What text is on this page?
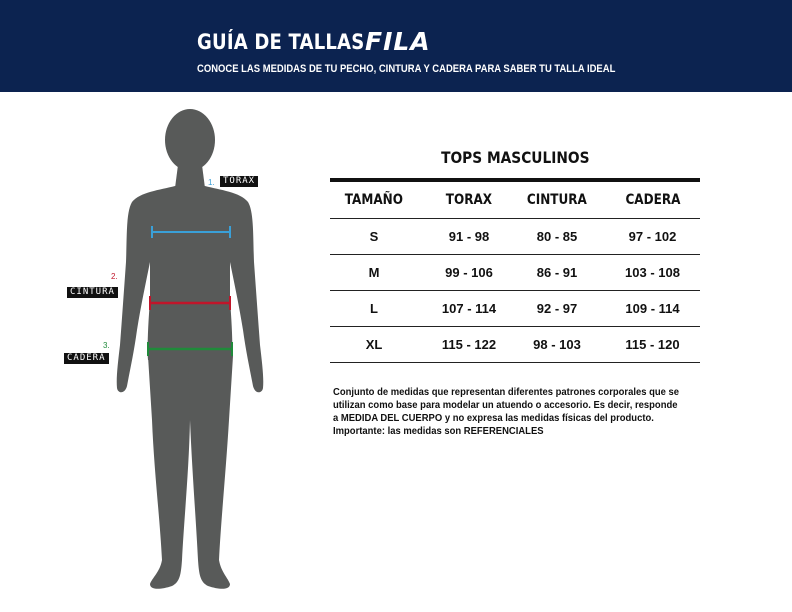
GUÍA DE TALLAS FILA
CONOCE LAS MEDIDAS DE TU PECHO, CINTURA Y CADERA PARA SABER TU TALLA IDEAL
1. TORAX
2.
CINTURA
3.
CADERA
TOPS MASCULINOS
TAMAÑO	TORAX CINTURA	CADERA
S	91 - 98	80 - 85	97 - 102
M	99 - 106	86 - 91	103 - 108
L	107 - 114	92 - 97	109 - 114
XL	115 - 122	98 - 103	115 - 120

Conjunto de medidas que representan diferentes patrones corporales que se

utilizan como base para modelar un atuendo o accesorio. Es decir, responde

a MEDIDA DEL CUERPO y no expresa las medidas físicas del producto.

Importante: las medidas son REFERENCIALES
